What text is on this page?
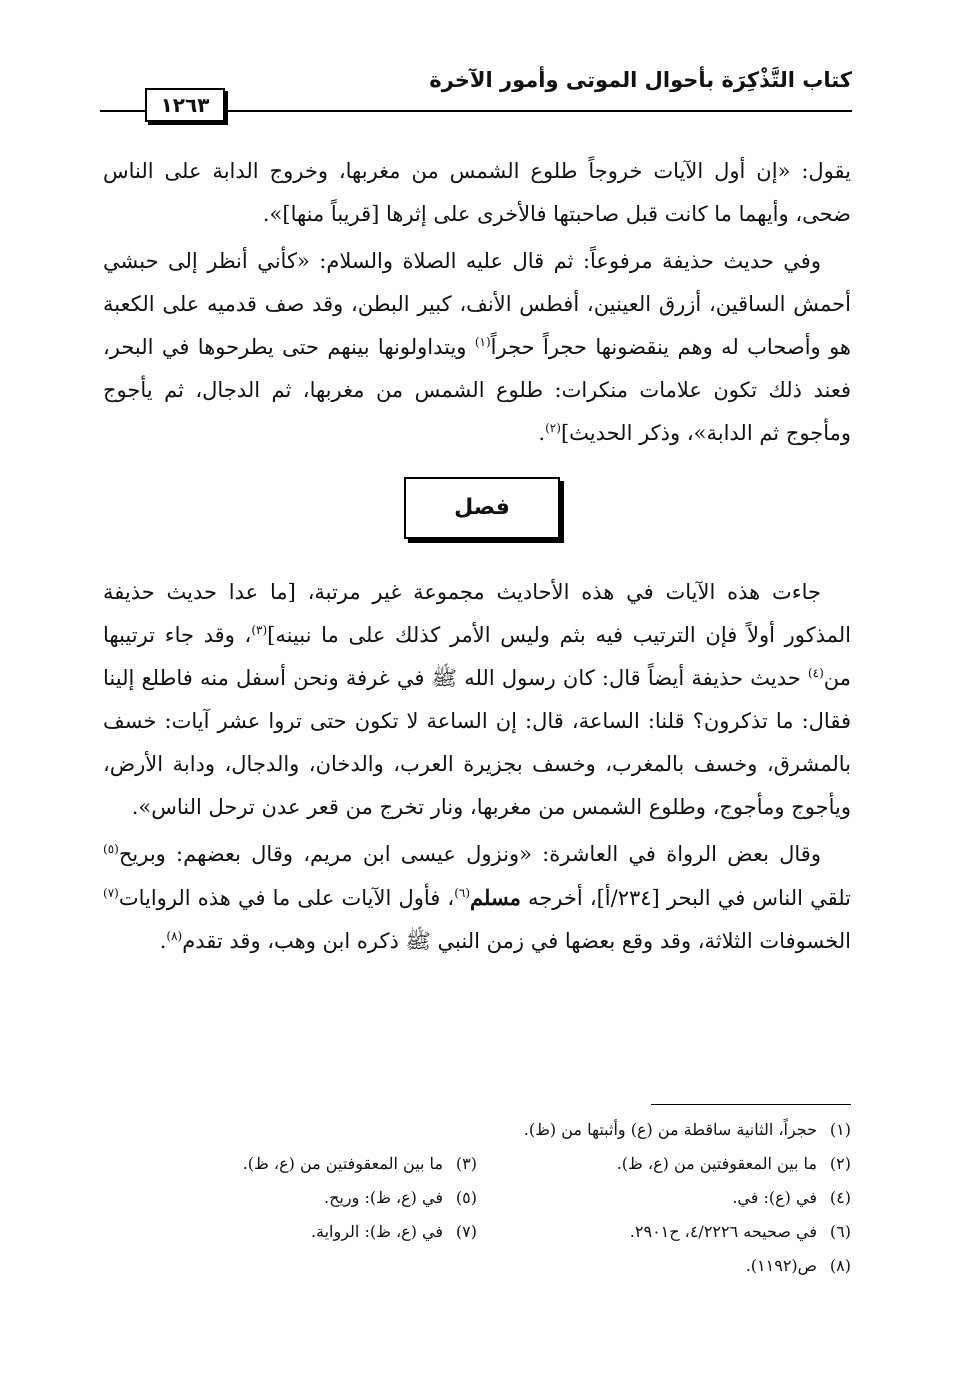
كتاب التَّذْكِرَة بأحوال الموتى وأمور الآخرة
١٢٦٣

يقول: «إن أول الآيات خروجاً طلوع الشمس من مغربها، وخروج الدابة على الناس ضحى، وأيهما ما كانت قبل صاحبتها فالأخرى على إثرها [قريباً منها]».

وفي حديث حذيفة مرفوعاً: ثم قال عليه الصلاة والسلام: «كأني أنظر إلى حبشي أحمش الساقين، أزرق العينين، أفطس الأنف، كبير البطن، وقد صف قدميه على الكعبة هو وأصحاب له وهم ينقضونها حجراً حجراً$^{(١)}$ ويتداولونها بينهم حتى يطرحوها في البحر، فعند ذلك تكون علامات منكرات: طلوع الشمس من مغربها، ثم الدجال، ثم يأجوج ومأجوج ثم الدابة»، وذكر الحديث]$^{(٢)}$.

فصل

جاءت هذه الآيات في هذه الأحاديث مجموعة غير مرتبة، [ما عدا حديث حذيفة المذكور أولاً فإن الترتيب فيه بثم وليس الأمر كذلك على ما نبينه]$^{(٣)}$، وقد جاء ترتيبها من$^{(٤)}$ حديث حذيفة أيضاً قال: كان رسول الله ﷺ في غرفة ونحن أسفل منه فاطلع إلينا فقال: ما تذكرون؟ قلنا: الساعة، قال: إن الساعة لا تكون حتى تروا عشر آيات: خسف بالمشرق، وخسف بالمغرب، وخسف بجزيرة العرب، والدخان، والدجال، ودابة الأرض، ويأجوج ومأجوج، وطلوع الشمس من مغربها، ونار تخرج من قعر عدن ترحل الناس».

وقال بعض الرواة في العاشرة: «ونزول عيسى ابن مريم، وقال بعضهم: وبريح$^{(٥)}$ تلقي الناس في البحر [٢٣٤/أ]، أخرجه مسلم$^{(٦)}$، فأول الآيات على ما في هذه الروايات$^{(٧)}$ الخسوفات الثلاثة، وقد وقع بعضها في زمن النبي ﷺ ذكره ابن وهب، وقد تقدم$^{(٨)}$.

(١)حجراً، الثانية ساقطة من (ع) وأثبتها من (ظ).
(٢)ما بين المعقوفتين من (ع، ظ).
(٣)ما بين المعقوفتين من (ع، ظ).
(٤)في (ع): في.
(٥)في (ع، ظ): وريح.
(٦)في صحيحه ٤/٢٢٢٦، ح٢٩٠١.
(٧)في (ع، ظ): الرواية.
(٨)ص(١١٩٢).
